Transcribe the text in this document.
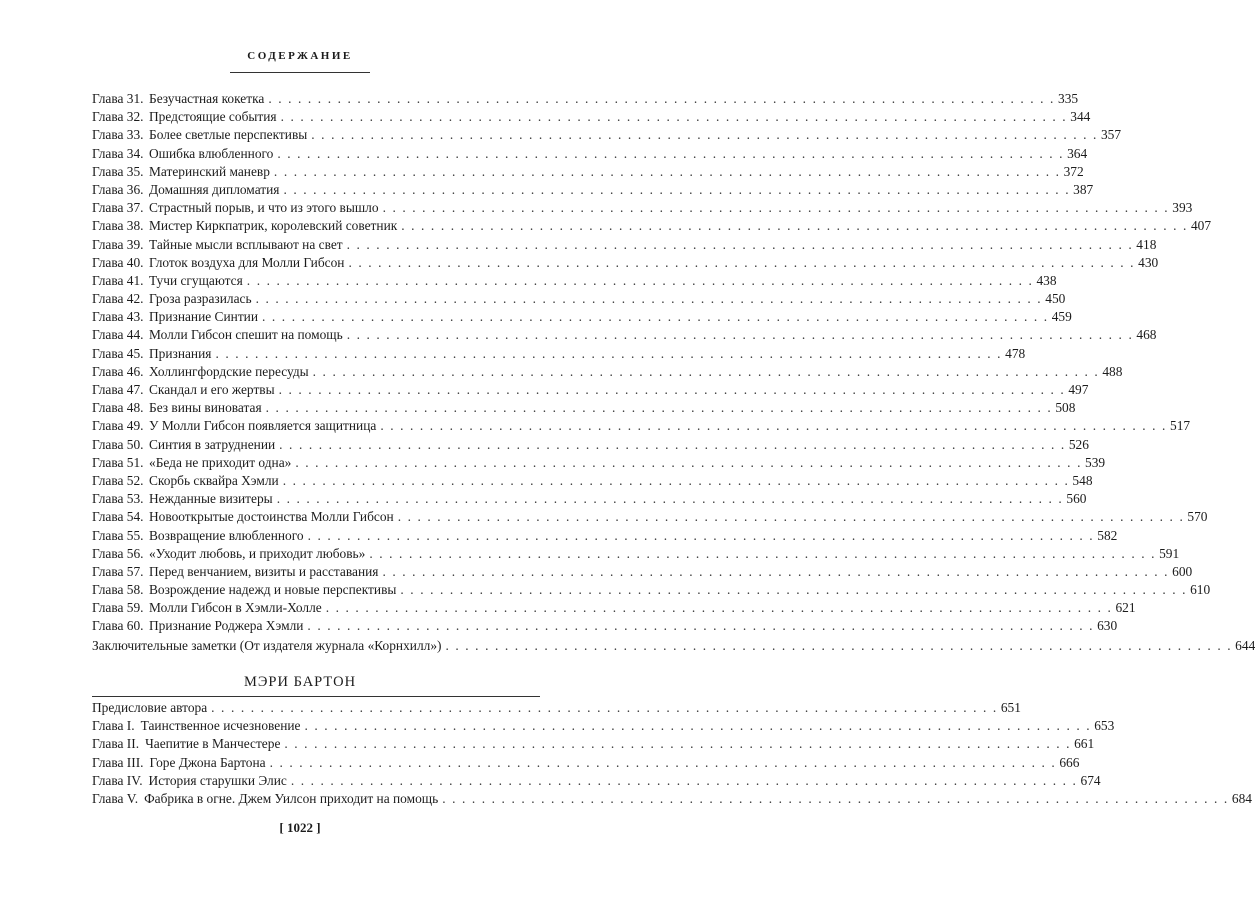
СОДЕРЖАНИЕ
Глава 31. Безучастная кокетка . . .	335
Глава 32. Предстоящие события . . .	344
Глава 33. Более светлые перспективы . . .	357
Глава 34. Ошибка влюбленного . . .	364
Глава 35. Материнский маневр . . .	372
Глава 36. Домашняя дипломатия . . .	387
Глава 37. Страстный порыв, и что из этого вышло . . .	393
Глава 38. Мистер Киркпатрик, королевский советник . . .	407
Глава 39. Тайные мысли всплывают на свет . . .	418
Глава 40. Глоток воздуха для Молли Гибсон . . .	430
Глава 41. Тучи сгущаются . . .	438
Глава 42. Гроза разразилась . . .	450
Глава 43. Признание Синтии . . .	459
Глава 44. Молли Гибсон спешит на помощь . . .	468
Глава 45. Признания . . .	478
Глава 46. Холлингфордские пересуды . . .	488
Глава 47. Скандал и его жертвы . . .	497
Глава 48. Без вины виноватая . . .	508
Глава 49. У Молли Гибсон появляется защитница . . .	517
Глава 50. Синтия в затруднении . . .	526
Глава 51. «Беда не приходит одна» . . .	539
Глава 52. Скорбь сквайра Хэмли . . .	548
Глава 53. Нежданные визитеры . . .	560
Глава 54. Новооткрытые достоинства Молли Гибсон . . .	570
Глава 55. Возвращение влюбленного . . .	582
Глава 56. «Уходит любовь, и приходит любовь» . . .	591
Глава 57. Перед венчанием, визиты и расставания . . .	600
Глава 58. Возрождение надежд и новые перспективы . . .	610
Глава 59. Молли Гибсон в Хэмли-Холле . . .	621
Глава 60. Признание Роджера Хэмли . . .	630
Заключительные заметки (От издателя журнала «Корнхилл») . . .	644
МЭРИ БАРТОН
Предисловие автора . . .	651
Глава I. Таинственное исчезновение . . .	653
Глава II. Чаепитие в Манчестере . . .	661
Глава III. Горе Джона Бартона . . .	666
Глава IV. История старушки Элис . . .	674
Глава V. Фабрика в огне. Джем Уилсон приходит на помощь . . .	684
[ 1022 ]
